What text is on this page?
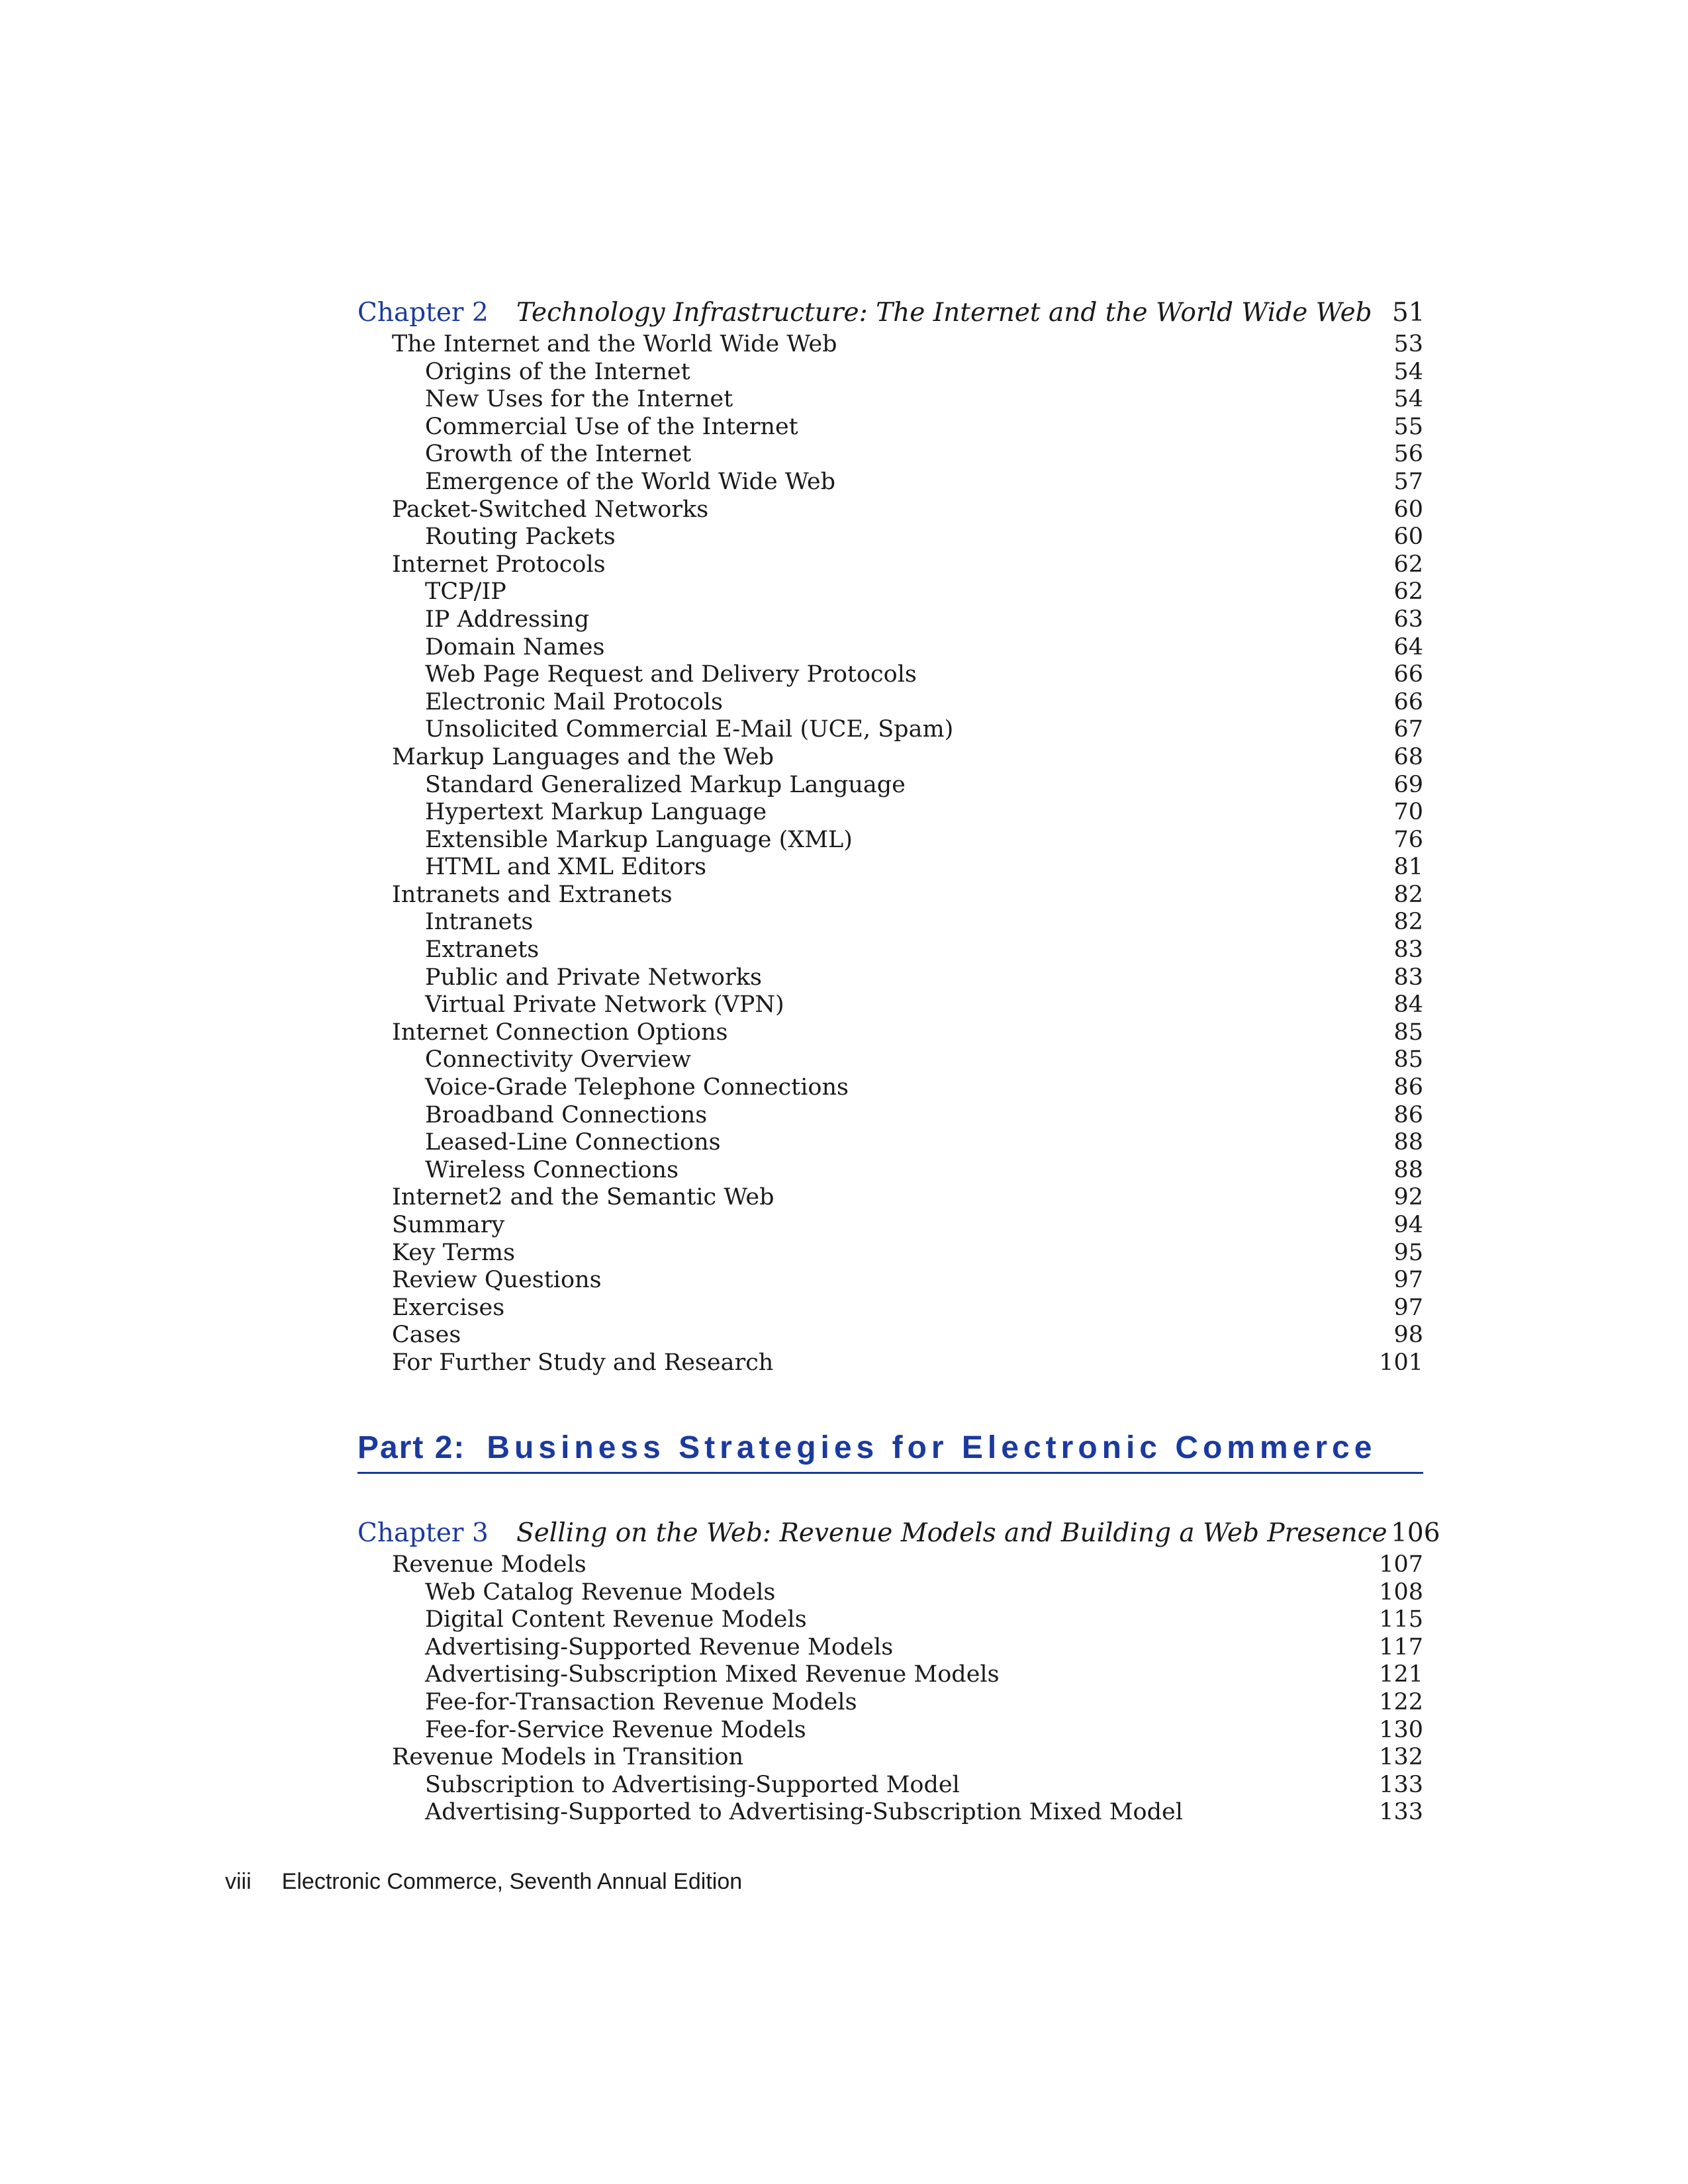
Chapter 2	Technology Infrastructure: The Internet and the World Wide Web 51
The Internet and the World Wide Web	53
Origins of the Internet	54
New Uses for the Internet	54
Commercial Use of the Internet	55
Growth of the Internet	56
Emergence of the World Wide Web	57
Packet-Switched Networks	60
Routing Packets	60
Internet Protocols	62
TCP/IP	62
IP Addressing	63
Domain Names	64
Web Page Request and Delivery Protocols	66
Electronic Mail Protocols	66
Unsolicited Commercial E-Mail (UCE, Spam)	67
Markup Languages and the Web	68
Standard Generalized Markup Language	69
Hypertext Markup Language	70
Extensible Markup Language (XML)	76
HTML and XML Editors	81
Intranets and Extranets	82
Intranets	82
Extranets	83
Public and Private Networks	83
Virtual Private Network (VPN)	84
Internet Connection Options	85
Connectivity Overview	85
Voice-Grade Telephone Connections	86
Broadband Connections	86
Leased-Line Connections	88
Wireless Connections	88
Internet2 and the Semantic Web	92
Summary	94
Key Terms	95
Review Questions	97
Exercises	97
Cases	98
For Further Study and Research	101
Part 2: Business Strategies for Electronic Commerce
Chapter 3	Selling on the Web: Revenue Models and Building a Web Presence 106
Revenue Models	107
Web Catalog Revenue Models	108
Digital Content Revenue Models	115
Advertising-Supported Revenue Models	117
Advertising-Subscription Mixed Revenue Models	121
Fee-for-Transaction Revenue Models	122
Fee-for-Service Revenue Models	130
Revenue Models in Transition	132
Subscription to Advertising-Supported Model	133
Advertising-Supported to Advertising-Subscription Mixed Model	133
viii Electronic Commerce, Seventh Annual Edition
